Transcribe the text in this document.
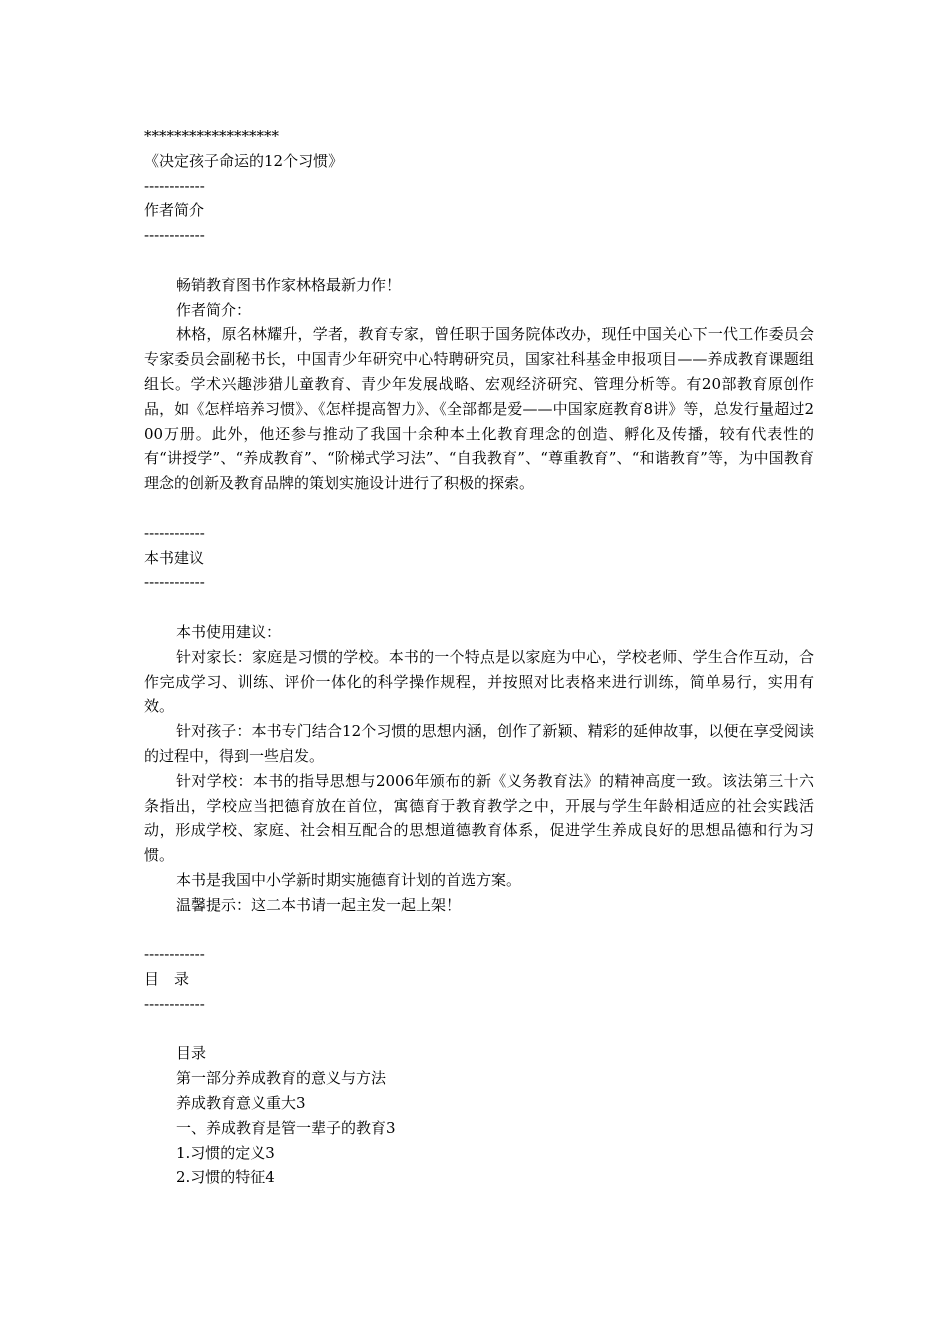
******************
《决定孩子命运的12个习惯》
------------
作者简介
------------
畅销教育图书作家林格最新力作！
作者简介：

林格，原名林耀升，学者，教育专家，曾任职于国务院体改办，现任中国关心下一代工作委员会专家委员会副秘书长，中国青少年研究中心特聘研究员，国家社科基金申报项目——养成教育课题组组长。学术兴趣涉猎儿童教育、青少年发展战略、宏观经济研究、管理分析等。有20部教育原创作品，如《怎样培养习惯》、《怎样提高智力》、《全部都是爱——中国家庭教育8讲》等，总发行量超过200万册。此外，他还参与推动了我国十余种本土化教育理念的创造、孵化及传播，较有代表性的有“讲授学”、“养成教育”、“阶梯式学习法”、“自我教育”、“尊重教育”、“和谐教育”等，为中国教育理念的创新及教育品牌的策划实施设计进行了积极的探索。

------------
本书建议
------------
本书使用建议：

针对家长：家庭是习惯的学校。本书的一个特点是以家庭为中心，学校老师、学生合作互动，合作完成学习、训练、评价一体化的科学操作规程，并按照对比表格来进行训练，简单易行，实用有效。

针对孩子：本书专门结合12个习惯的思想内涵，创作了新颖、精彩的延伸故事，以便在享受阅读的过程中，得到一些启发。

针对学校：本书的指导思想与2006年颁布的新《义务教育法》的精神高度一致。该法第三十六条指出，学校应当把德育放在首位，寓德育于教育教学之中，开展与学生年龄相适应的社会实践活动，形成学校、家庭、社会相互配合的思想道德教育体系，促进学生养成良好的思想品德和行为习惯。

本书是我国中小学新时期实施德育计划的首选方案。
温馨提示：这二本书请一起主发一起上架！
------------
目　录
------------
目录
第一部分养成教育的意义与方法
养成教育意义重大3
一、养成教育是管一辈子的教育3
1.习惯的定义3
2.习惯的特征4
